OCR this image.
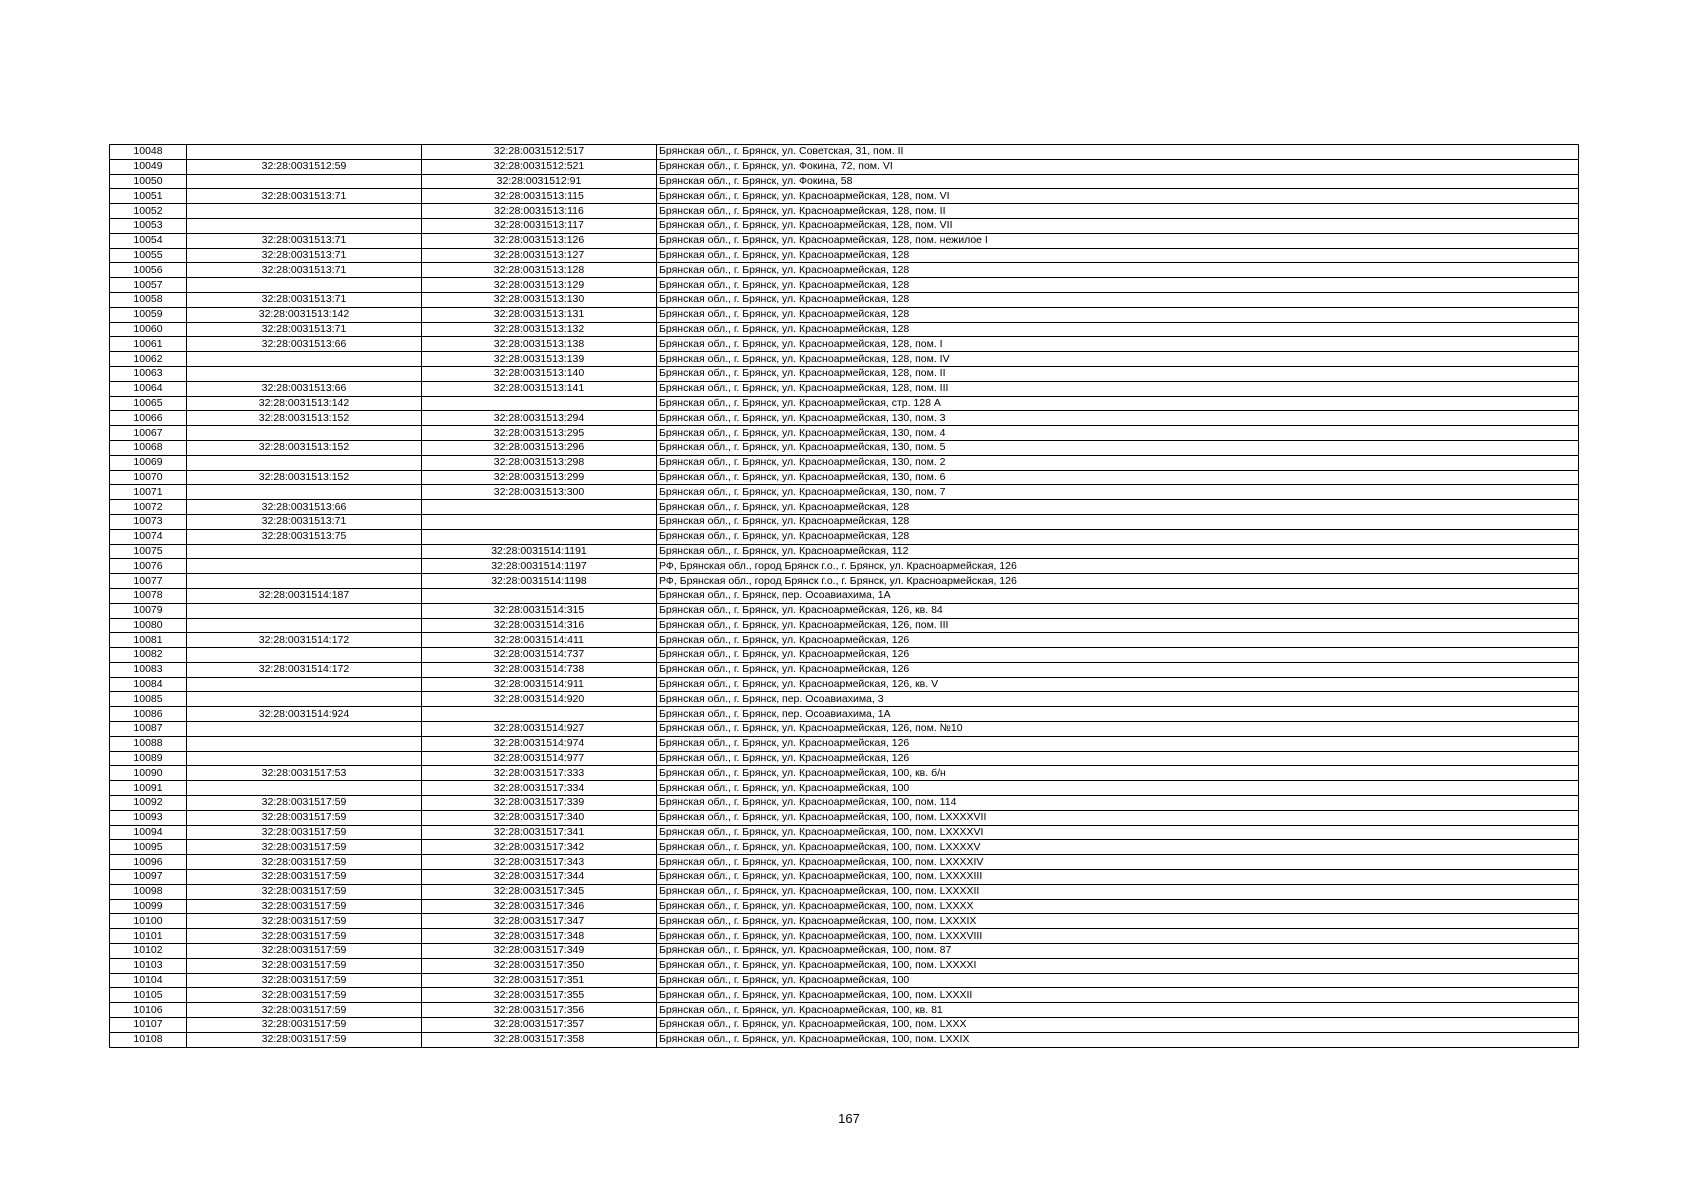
10048		32:28:0031512:517	Брянская обл., г. Брянск, ул. Советская, 31, пом. II
10049	32:28:0031512:59	32:28:0031512:521	Брянская обл., г. Брянск, ул. Фокина, 72, пом. VI
10050		32:28:0031512:91	Брянская обл., г. Брянск, ул. Фокина, 58
10051	32:28:0031513:71	32:28:0031513:115	Брянская обл., г. Брянск, ул. Красноармейская, 128, пом. VI
10052		32:28:0031513:116	Брянская обл., г. Брянск, ул. Красноармейская, 128, пом. II
10053		32:28:0031513:117	Брянская обл., г. Брянск, ул. Красноармейская, 128, пом. VII
10054	32:28:0031513:71	32:28:0031513:126	Брянская обл., г. Брянск, ул. Красноармейская, 128, пом. нежилое I
10055	32:28:0031513:71	32:28:0031513:127	Брянская обл., г. Брянск, ул. Красноармейская, 128
10056	32:28:0031513:71	32:28:0031513:128	Брянская обл., г. Брянск, ул. Красноармейская, 128
10057		32:28:0031513:129	Брянская обл., г. Брянск, ул. Красноармейская, 128
10058	32:28:0031513:71	32:28:0031513:130	Брянская обл., г. Брянск, ул. Красноармейская, 128
10059	32:28:0031513:142	32:28:0031513:131	Брянская обл., г. Брянск, ул. Красноармейская, 128
10060	32:28:0031513:71	32:28:0031513:132	Брянская обл., г. Брянск, ул. Красноармейская, 128
10061	32:28:0031513:66	32:28:0031513:138	Брянская обл., г. Брянск, ул. Красноармейская, 128, пом. I
10062		32:28:0031513:139	Брянская обл., г. Брянск, ул. Красноармейская, 128, пом. IV
10063		32:28:0031513:140	Брянская обл., г. Брянск, ул. Красноармейская, 128, пом. II
10064	32:28:0031513:66	32:28:0031513:141	Брянская обл., г. Брянск, ул. Красноармейская, 128, пом. III
10065	32:28:0031513:142		Брянская обл., г. Брянск, ул. Красноармейская, стр. 128 А
10066	32:28:0031513:152	32:28:0031513:294	Брянская обл., г. Брянск, ул. Красноармейская, 130, пом. 3
10067		32:28:0031513:295	Брянская обл., г. Брянск, ул. Красноармейская, 130, пом. 4
10068	32:28:0031513:152	32:28:0031513:296	Брянская обл., г. Брянск, ул. Красноармейская, 130, пом. 5
10069		32:28:0031513:298	Брянская обл., г. Брянск, ул. Красноармейская, 130, пом. 2
10070	32:28:0031513:152	32:28:0031513:299	Брянская обл., г. Брянск, ул. Красноармейская, 130, пом. 6
10071		32:28:0031513:300	Брянская обл., г. Брянск, ул. Красноармейская, 130, пом. 7
10072	32:28:0031513:66		Брянская обл., г. Брянск, ул. Красноармейская, 128
10073	32:28:0031513:71		Брянская обл., г. Брянск, ул. Красноармейская, 128
10074	32:28:0031513:75		Брянская обл., г. Брянск, ул. Красноармейская, 128
10075		32:28:0031514:1191	Брянская обл., г. Брянск, ул. Красноармейская, 112
10076		32:28:0031514:1197	РФ, Брянская обл., город Брянск г.о., г. Брянск, ул. Красноармейская, 126
10077		32:28:0031514:1198	РФ, Брянская обл., город Брянск г.о., г. Брянск, ул. Красноармейская, 126
10078	32:28:0031514:187		Брянская обл., г. Брянск, пер. Осоавиахима, 1А
10079		32:28:0031514:315	Брянская обл., г. Брянск, ул. Красноармейская, 126, кв. 84
10080		32:28:0031514:316	Брянская обл., г. Брянск, ул. Красноармейская, 126, пом. III
10081	32:28:0031514:172	32:28:0031514:411	Брянская обл., г. Брянск, ул. Красноармейская, 126
10082		32:28:0031514:737	Брянская обл., г. Брянск, ул. Красноармейская, 126
10083	32:28:0031514:172	32:28:0031514:738	Брянская обл., г. Брянск, ул. Красноармейская, 126
10084		32:28:0031514:911	Брянская обл., г. Брянск, ул. Красноармейская, 126, кв. V
10085		32:28:0031514:920	Брянская обл., г. Брянск, пер. Осоавиахима, 3
10086	32:28:0031514:924		Брянская обл., г. Брянск, пер. Осоавиахима, 1А
10087		32:28:0031514:927	Брянская обл., г. Брянск, ул. Красноармейская, 126, пом. №10
10088		32:28:0031514:974	Брянская обл., г. Брянск, ул. Красноармейская, 126
10089		32:28:0031514:977	Брянская обл., г. Брянск, ул. Красноармейская, 126
10090	32:28:0031517:53	32:28:0031517:333	Брянская обл., г. Брянск, ул. Красноармейская, 100, кв. б/н
10091		32:28:0031517:334	Брянская обл., г. Брянск, ул. Красноармейская, 100
10092	32:28:0031517:59	32:28:0031517:339	Брянская обл., г. Брянск, ул. Красноармейская, 100, пом. 114
10093	32:28:0031517:59	32:28:0031517:340	Брянская обл., г. Брянск, ул. Красноармейская, 100, пом. LXXXXVII
10094	32:28:0031517:59	32:28:0031517:341	Брянская обл., г. Брянск, ул. Красноармейская, 100, пом. LXXXXVI
10095	32:28:0031517:59	32:28:0031517:342	Брянская обл., г. Брянск, ул. Красноармейская, 100, пом. LXXXXV
10096	32:28:0031517:59	32:28:0031517:343	Брянская обл., г. Брянск, ул. Красноармейская, 100, пом. LXXXXIV
10097	32:28:0031517:59	32:28:0031517:344	Брянская обл., г. Брянск, ул. Красноармейская, 100, пом. LXXXXIII
10098	32:28:0031517:59	32:28:0031517:345	Брянская обл., г. Брянск, ул. Красноармейская, 100, пом. LXXXXII
10099	32:28:0031517:59	32:28:0031517:346	Брянская обл., г. Брянск, ул. Красноармейская, 100, пом. LXXXX
10100	32:28:0031517:59	32:28:0031517:347	Брянская обл., г. Брянск, ул. Красноармейская, 100, пом. LXXXIX
10101	32:28:0031517:59	32:28:0031517:348	Брянская обл., г. Брянск, ул. Красноармейская, 100, пом. LXXXVIII
10102	32:28:0031517:59	32:28:0031517:349	Брянская обл., г. Брянск, ул. Красноармейская, 100, пом. 87
10103	32:28:0031517:59	32:28:0031517:350	Брянская обл., г. Брянск, ул. Красноармейская, 100, пом. LXXXXI
10104	32:28:0031517:59	32:28:0031517:351	Брянская обл., г. Брянск, ул. Красноармейская, 100
10105	32:28:0031517:59	32:28:0031517:355	Брянская обл., г. Брянск, ул. Красноармейская, 100, пом. LXXXII
10106	32:28:0031517:59	32:28:0031517:356	Брянская обл., г. Брянск, ул. Красноармейская, 100, кв. 81
10107	32:28:0031517:59	32:28:0031517:357	Брянская обл., г. Брянск, ул. Красноармейская, 100, пом. LXXX
10108	32:28:0031517:59	32:28:0031517:358	Брянская обл., г. Брянск, ул. Красноармейская, 100, пом. LXXIX
167
